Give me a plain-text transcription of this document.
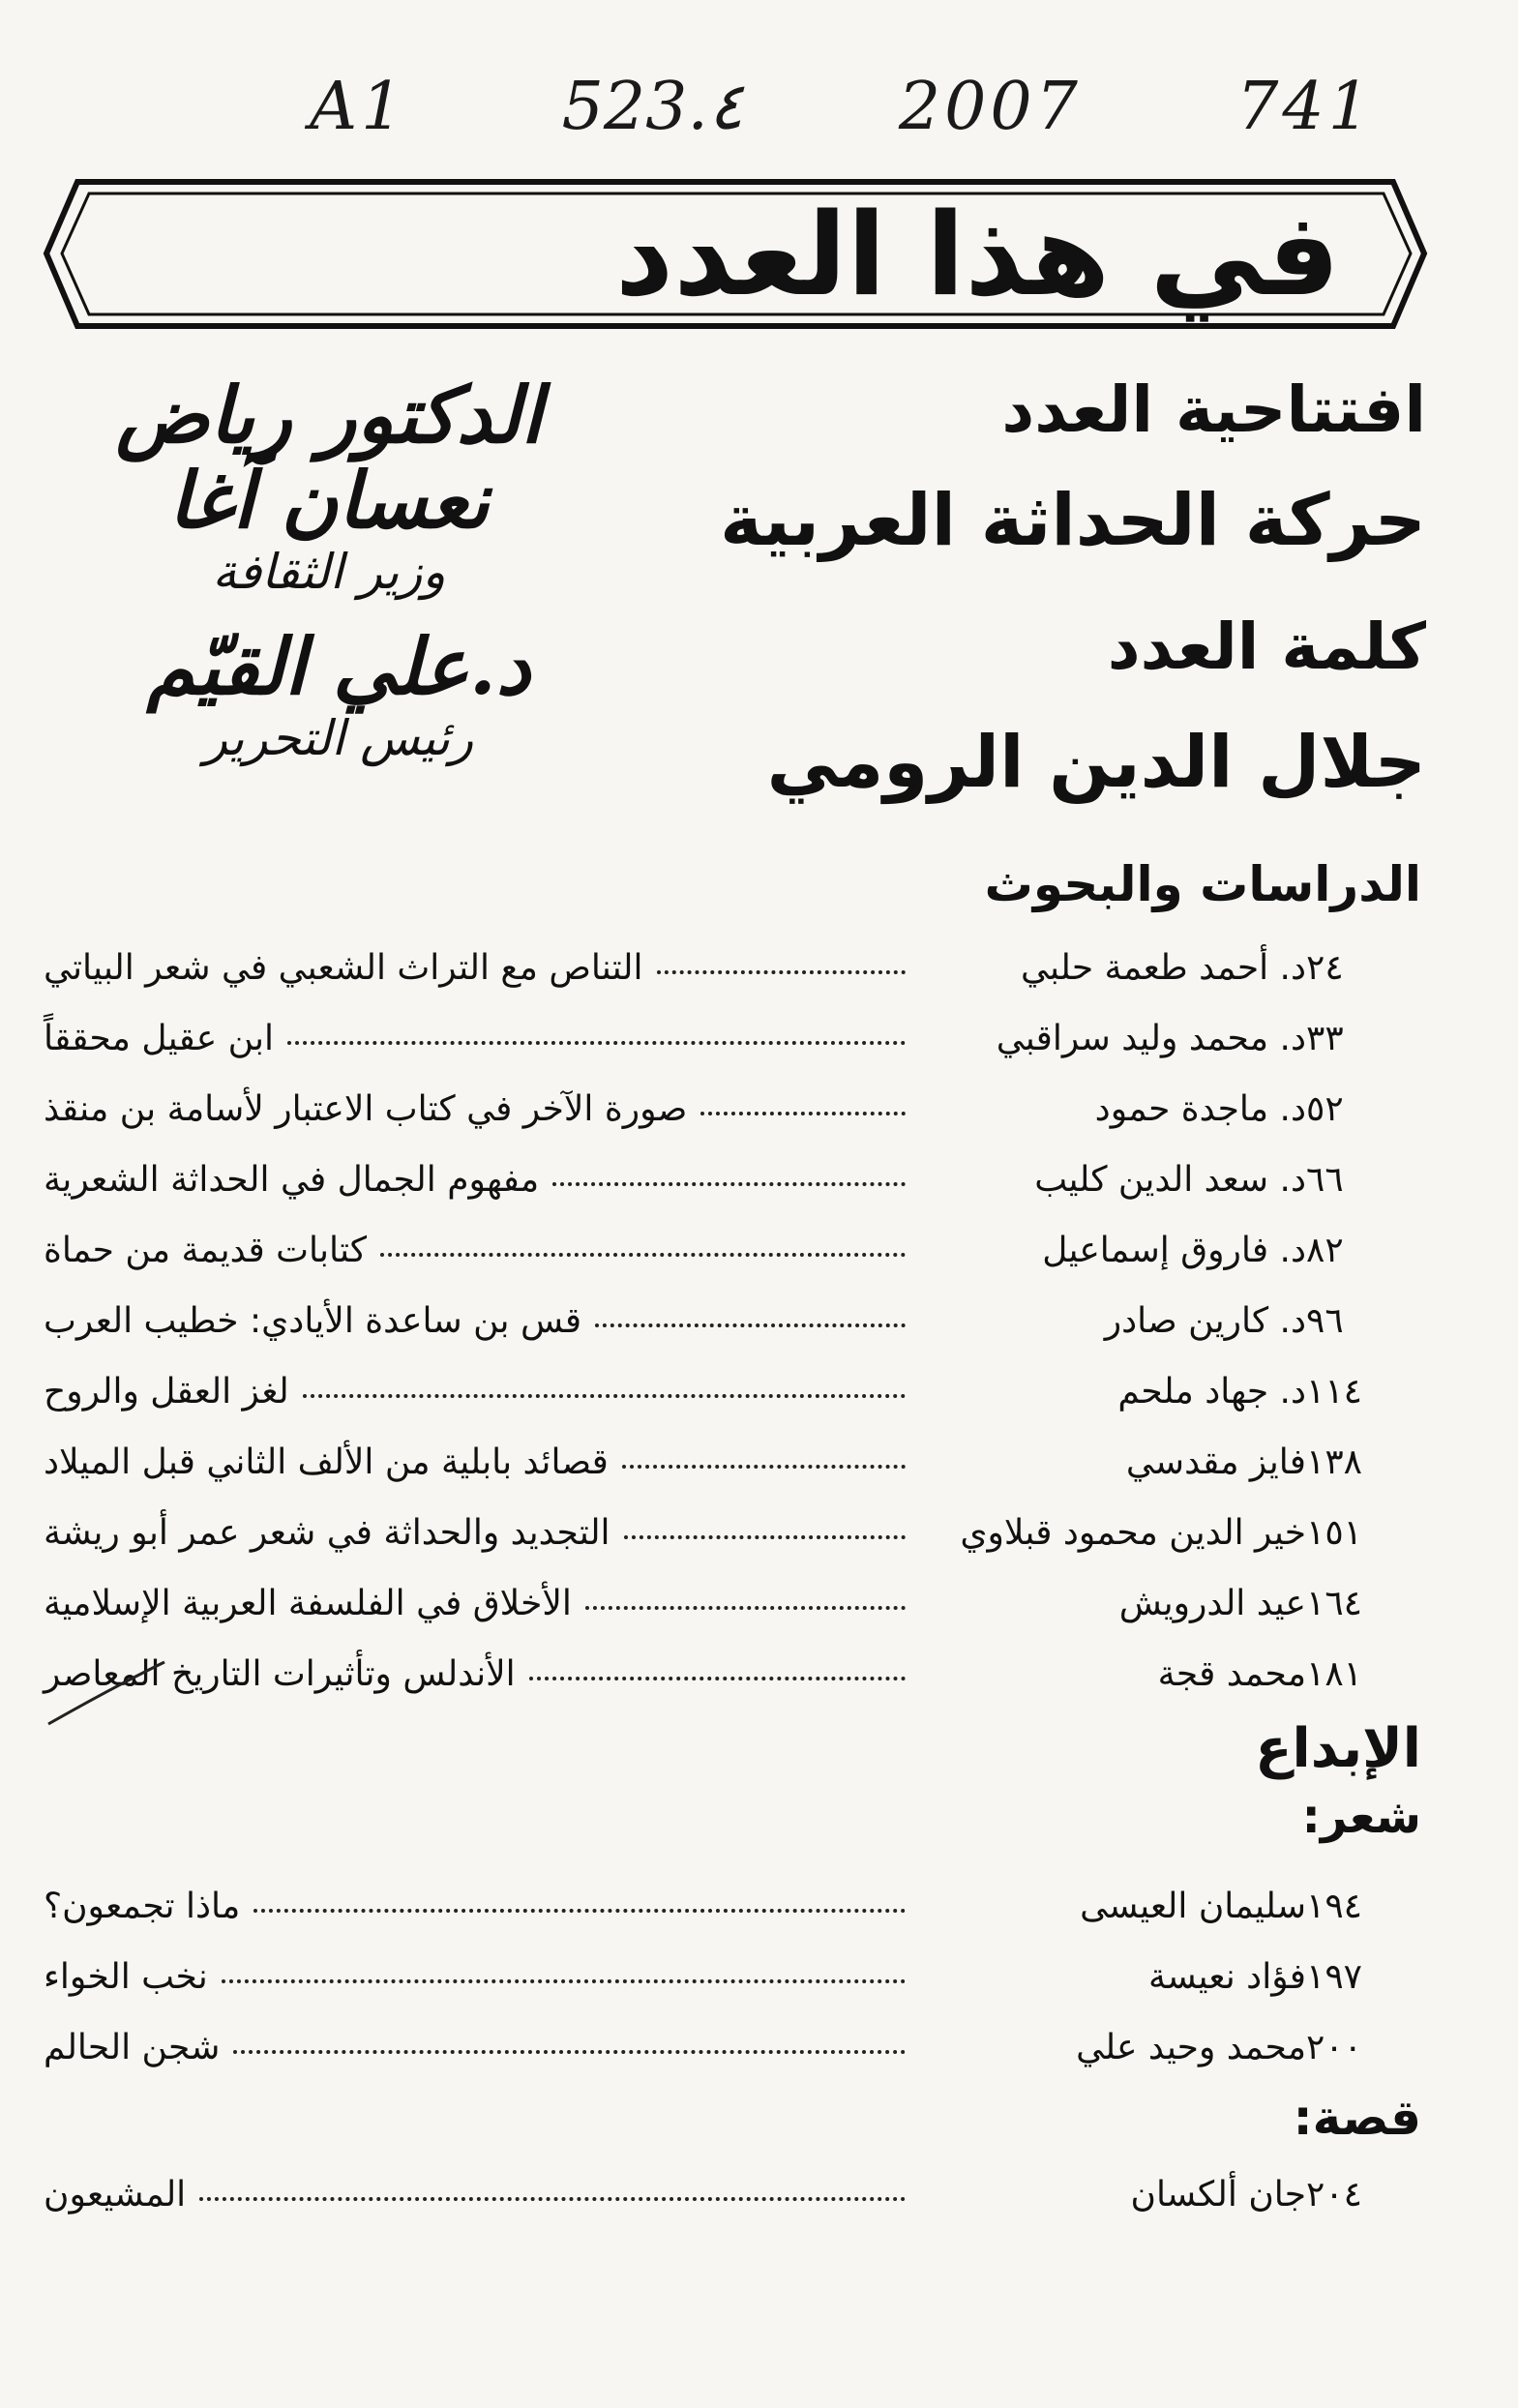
A1 523.٤ 2007 741
في هذا العدد
افتتاحية العدد
حركة الحداثة العربية
الدكتور رياض نعسان آغا
وزير الثقافة
كلمة العدد
جلال الدين الرومي
د.علي القيّم
رئيس التحرير
الدراسات والبحوث
التناص مع التراث الشعبي في شعر البياتي	د. أحمد طعمة حلبي ٢٤
ابن عقيل محققاً	د. محمد وليد سراقبي ٣٣
صورة الآخر في كتاب الاعتبار لأسامة بن منقذ	د. ماجدة حمود ٥٢
مفهوم الجمال في الحداثة الشعرية	د. سعد الدين كليب ٦٦
كتابات قديمة من حماة	د. فاروق إسماعيل ٨٢
قس بن ساعدة الأيادي: خطيب العرب	د. كارين صادر ٩٦
لغز العقل والروح	د. جهاد ملحم ١١٤
قصائد بابلية من الألف الثاني قبل الميلاد	فايز مقدسي ١٣٨
التجديد والحداثة في شعر عمر أبو ريشة	خير الدين محمود قبلاوي ١٥١
الأخلاق في الفلسفة العربية الإسلامية	عيد الدرويش ١٦٤
الأندلس وتأثيرات التاريخ المعاصر	محمد قجة ١٨١
الإبداع
شعر:
ماذا تجمعون؟	سليمان العيسى ١٩٤
نخب الخواء	فؤاد نعيسة ١٩٧
شجن الحالم	محمد وحيد علي ٢٠٠
قصة:
المشيعون	جان ألكسان ٢٠٤
